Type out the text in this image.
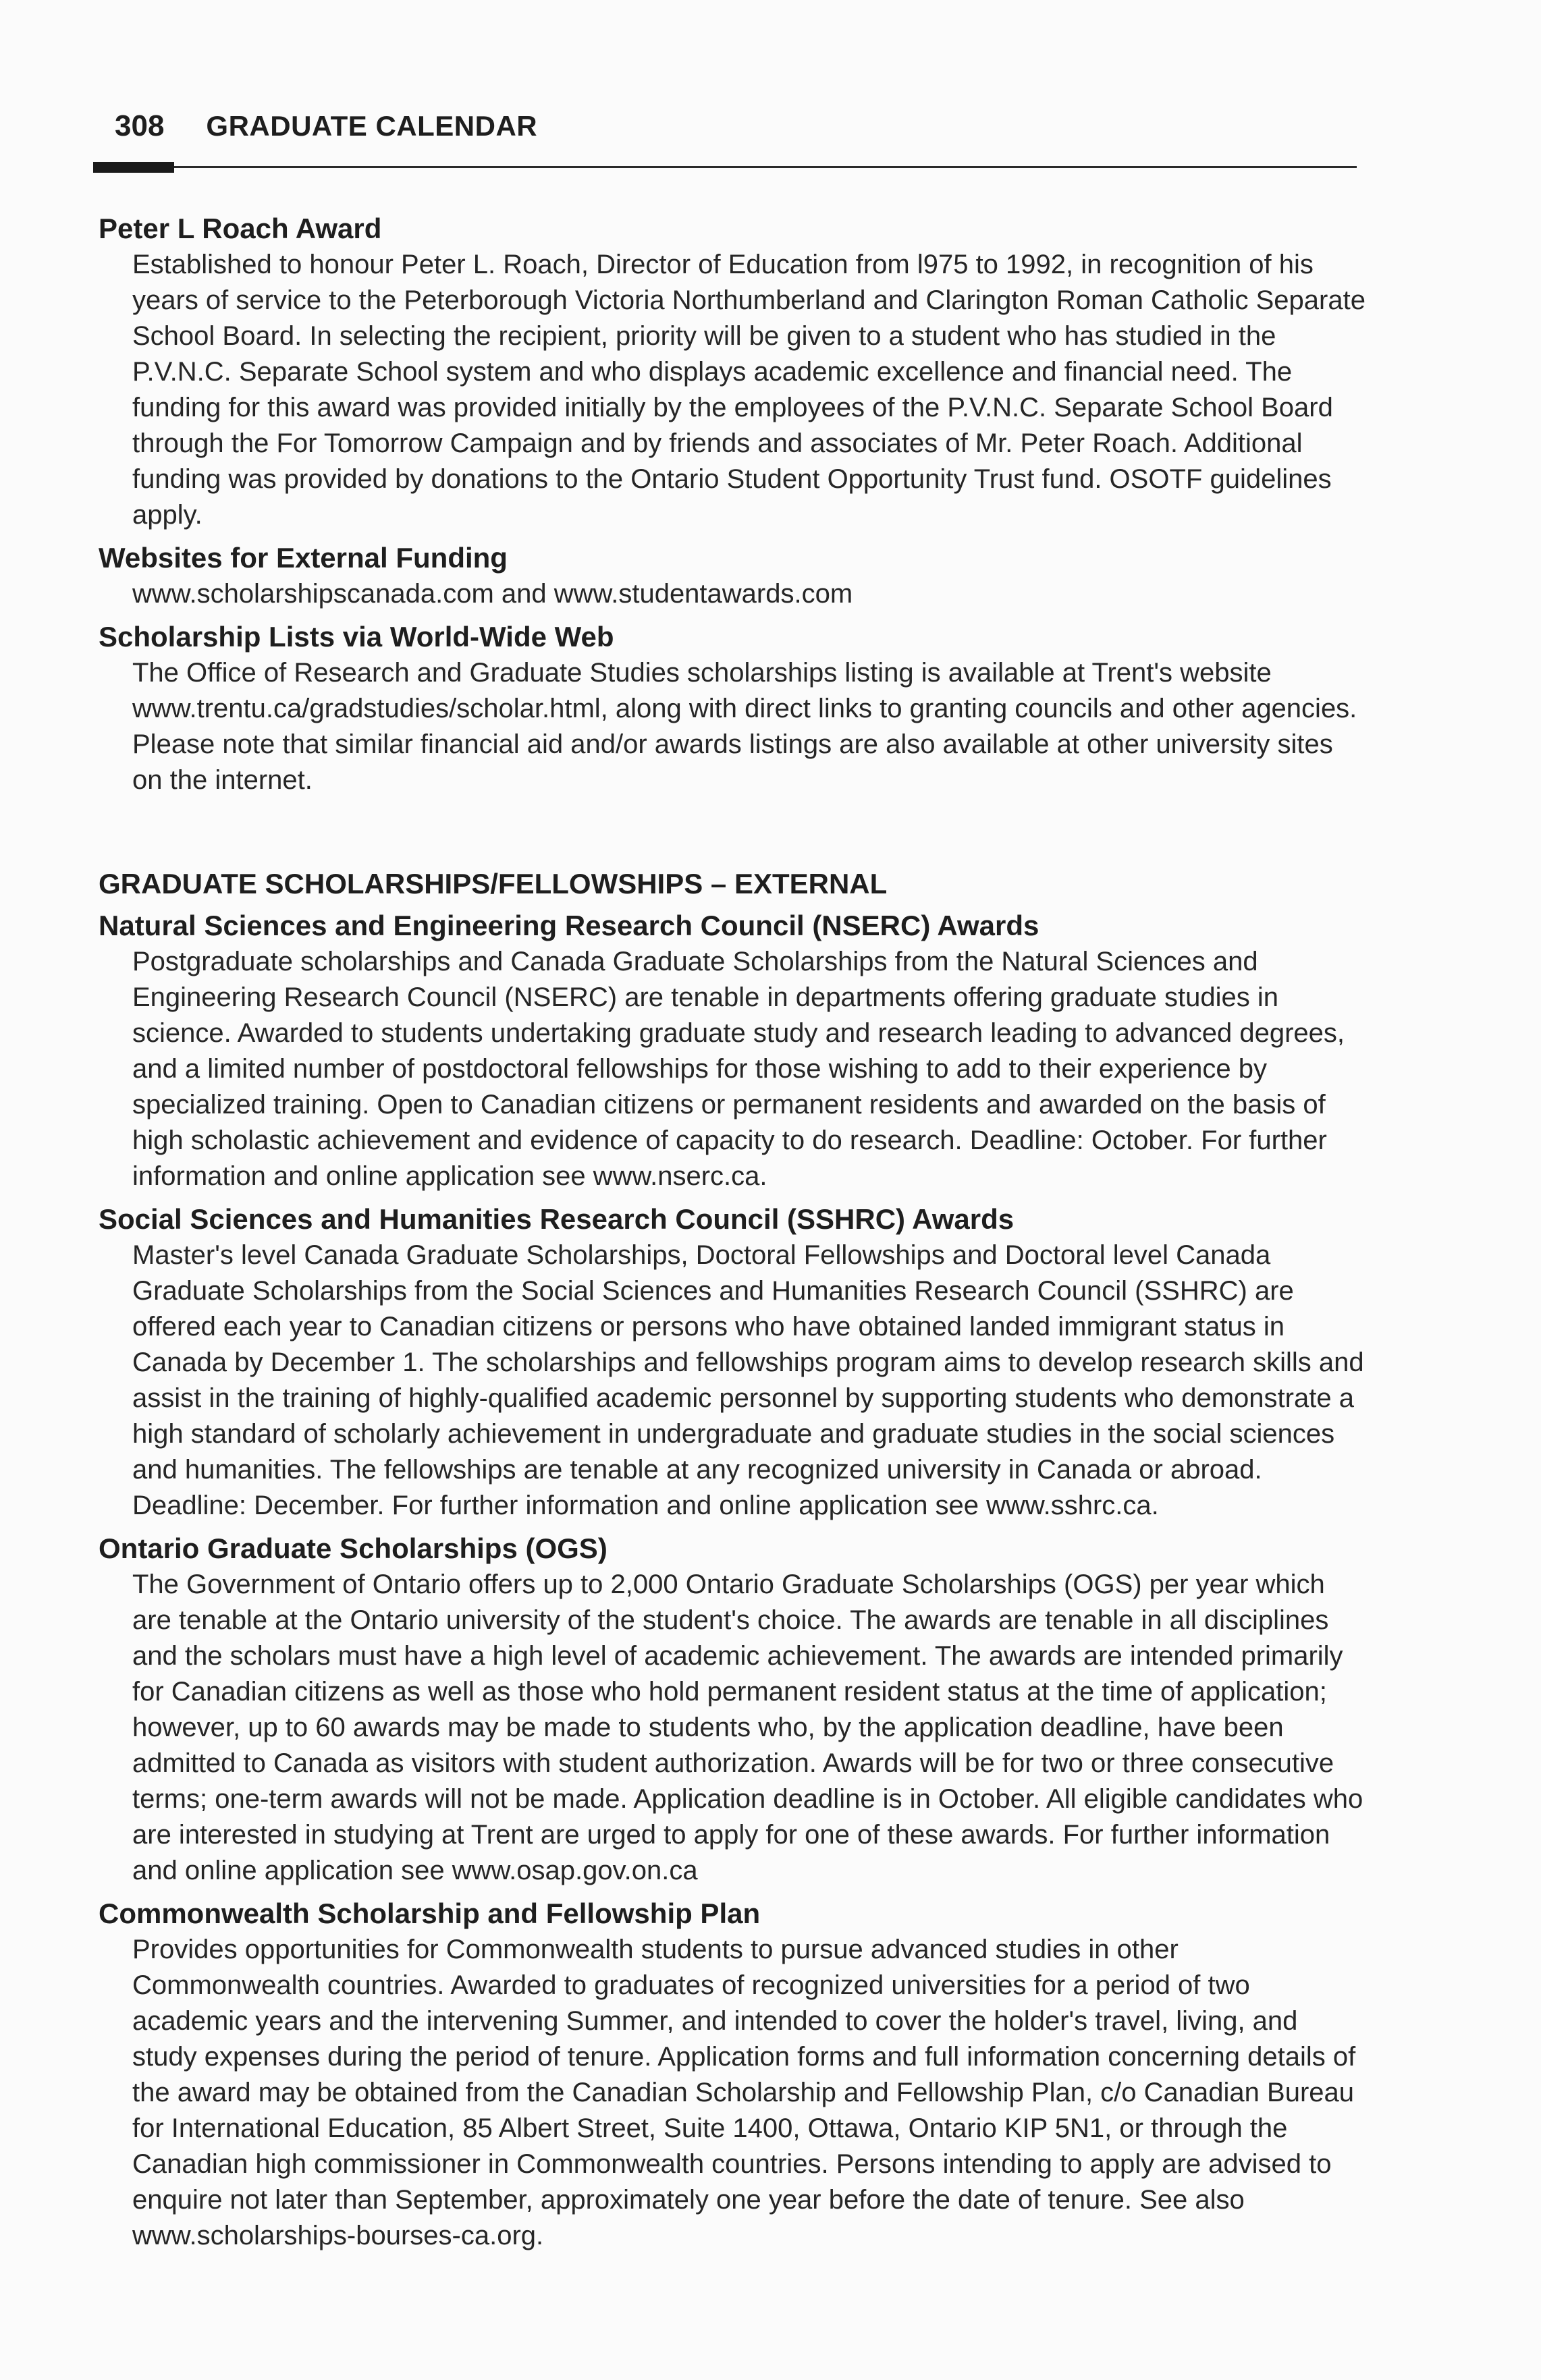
308 GRADUATE CALENDAR

Peter L Roach Award

Established to honour Peter L. Roach, Director of Education from l975 to 1992, in recognition of his years of service to the Peterborough Victoria Northumberland and Clarington Roman Catholic Separate School Board. In selecting the recipient, priority will be given to a student who has studied in the P.V.N.C. Separate School system and who displays academic excellence and financial need. The funding for this award was provided initially by the employees of the P.V.N.C. Separate School Board through the For Tomorrow Campaign and by friends and associates of Mr. Peter Roach. Additional funding was provided by donations to the Ontario Student Opportunity Trust fund. OSOTF guidelines apply.

Websites for External Funding

www.scholarshipscanada.com and www.studentawards.com

Scholarship Lists via World-Wide Web

The Office of Research and Graduate Studies scholarships listing is available at Trent's website www.trentu.ca/gradstudies/scholar.html, along with direct links to granting councils and other agencies. Please note that similar financial aid and/or awards listings are also available at other university sites on the internet.

GRADUATE SCHOLARSHIPS/FELLOWSHIPS – EXTERNAL

Natural Sciences and Engineering Research Council (NSERC) Awards

Postgraduate scholarships and Canada Graduate Scholarships from the Natural Sciences and Engineering Research Council (NSERC) are tenable in departments offering graduate studies in science. Awarded to students undertaking graduate study and research leading to advanced degrees, and a limited number of postdoctoral fellowships for those wishing to add to their experience by specialized training. Open to Canadian citizens or permanent residents and awarded on the basis of high scholastic achievement and evidence of capacity to do research. Deadline: October. For further information and online application see www.nserc.ca.

Social Sciences and Humanities Research Council (SSHRC) Awards

Master's level Canada Graduate Scholarships, Doctoral Fellowships and Doctoral level Canada Graduate Scholarships from the Social Sciences and Humanities Research Council (SSHRC) are offered each year to Canadian citizens or persons who have obtained landed immigrant status in Canada by December 1. The scholarships and fellowships program aims to develop research skills and assist in the training of highly-qualified academic personnel by supporting students who demonstrate a high standard of scholarly achievement in undergraduate and graduate studies in the social sciences and humanities. The fellowships are tenable at any recognized university in Canada or abroad. Deadline: December. For further information and online application see www.sshrc.ca.

Ontario Graduate Scholarships (OGS)

The Government of Ontario offers up to 2,000 Ontario Graduate Scholarships (OGS) per year which are tenable at the Ontario university of the student's choice. The awards are tenable in all disciplines and the scholars must have a high level of academic achievement. The awards are intended primarily for Canadian citizens as well as those who hold permanent resident status at the time of application; however, up to 60 awards may be made to students who, by the application deadline, have been admitted to Canada as visitors with student authorization. Awards will be for two or three consecutive terms; one-term awards will not be made. Application deadline is in October. All eligible candidates who are interested in studying at Trent are urged to apply for one of these awards. For further information and online application see www.osap.gov.on.ca

Commonwealth Scholarship and Fellowship Plan

Provides opportunities for Commonwealth students to pursue advanced studies in other Commonwealth countries. Awarded to graduates of recognized universities for a period of two academic years and the intervening Summer, and intended to cover the holder's travel, living, and study expenses during the period of tenure. Application forms and full information concerning details of the award may be obtained from the Canadian Scholarship and Fellowship Plan, c/o Canadian Bureau for International Education, 85 Albert Street, Suite 1400, Ottawa, Ontario KIP 5N1, or through the Canadian high commissioner in Commonwealth countries. Persons intending to apply are advised to enquire not later than September, approximately one year before the date of tenure. See also www.scholarships-bourses-ca.org.
